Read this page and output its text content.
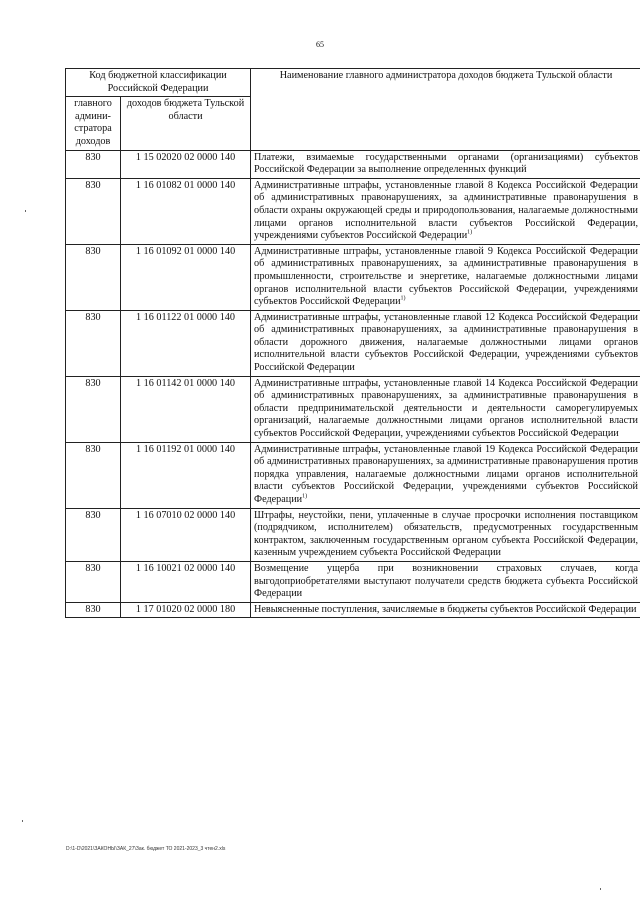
65
Код бюджетной классификации Российской Федерации		Наименование главного администратора доходов бюджета Тульской области
главного админи-стратора доходов	доходов бюджета Тульской области	
830	1 15 02020 02 0000 140	Платежи, взимаемые государственными органами (организациями) субъектов Российской Федерации за выполнение определенных функций
830	1 16 01082 01 0000 140	Административные штрафы, установленные главой 8 Кодекса Российской Федерации об административных правонарушениях, за административные правонарушения в области охраны окружающей среды и природопользования, налагаемые должностными лицами органов исполнительной власти субъектов Российской Федерации, учреждениями субъектов Российской Федерации$^{1)}$
830	1 16 01092 01 0000 140	Административные штрафы, установленные главой 9 Кодекса Российской Федерации об административных правонарушениях, за административные правонарушения в промышленности, строительстве и энергетике, налагаемые должностными лицами органов исполнительной власти субъектов Российской Федерации, учреждениями субъектов Российской Федерации$^{1)}$
830	1 16 01122 01 0000 140	Административные штрафы, установленные главой 12 Кодекса Российской Федерации об административных правонарушениях, за административные правонарушения в области дорожного движения, налагаемые должностными лицами органов исполнительной власти субъектов Российской Федерации, учреждениями субъектов Российской Федерации
830	1 16 01142 01 0000 140	Административные штрафы, установленные главой 14 Кодекса Российской Федерации об административных правонарушениях, за административные правонарушения в области предпринимательской деятельности и деятельности саморегулируемых организаций, налагаемые должностными лицами органов исполнительной власти субъектов Российской Федерации, учреждениями субъектов Российской Федерации
830	1 16 01192 01 0000 140	Административные штрафы, установленные главой 19 Кодекса Российской Федерации об административных правонарушениях, за административные правонарушения против порядка управления, налагаемые должностными лицами органов исполнительной власти субъектов Российской Федерации, учреждениями субъектов Российской Федерации$^{1)}$
830	1 16 07010 02 0000 140	Штрафы, неустойки, пени, уплаченные в случае просрочки исполнения поставщиком (подрядчиком, исполнителем) обязательств, предусмотренных государственным контрактом, заключенным государственным органом субъекта Российской Федерации, казенным учреждением субъекта Российской Федерации
830	1 16 10021 02 0000 140	Возмещение ущерба при возникновении страховых случаев, когда выгодоприобретателями выступают получатели средств бюджета субъекта Российской Федерации
830	1 17 01020 02 0000 180	Невыясненные поступления, зачисляемые в бюджеты субъектов Российской Федерации
D:\1-D\2021\ЗАКОНЫ\ЗАК_27\Зак. бюджет ТО 2021-2023_3 чтен2.xls
